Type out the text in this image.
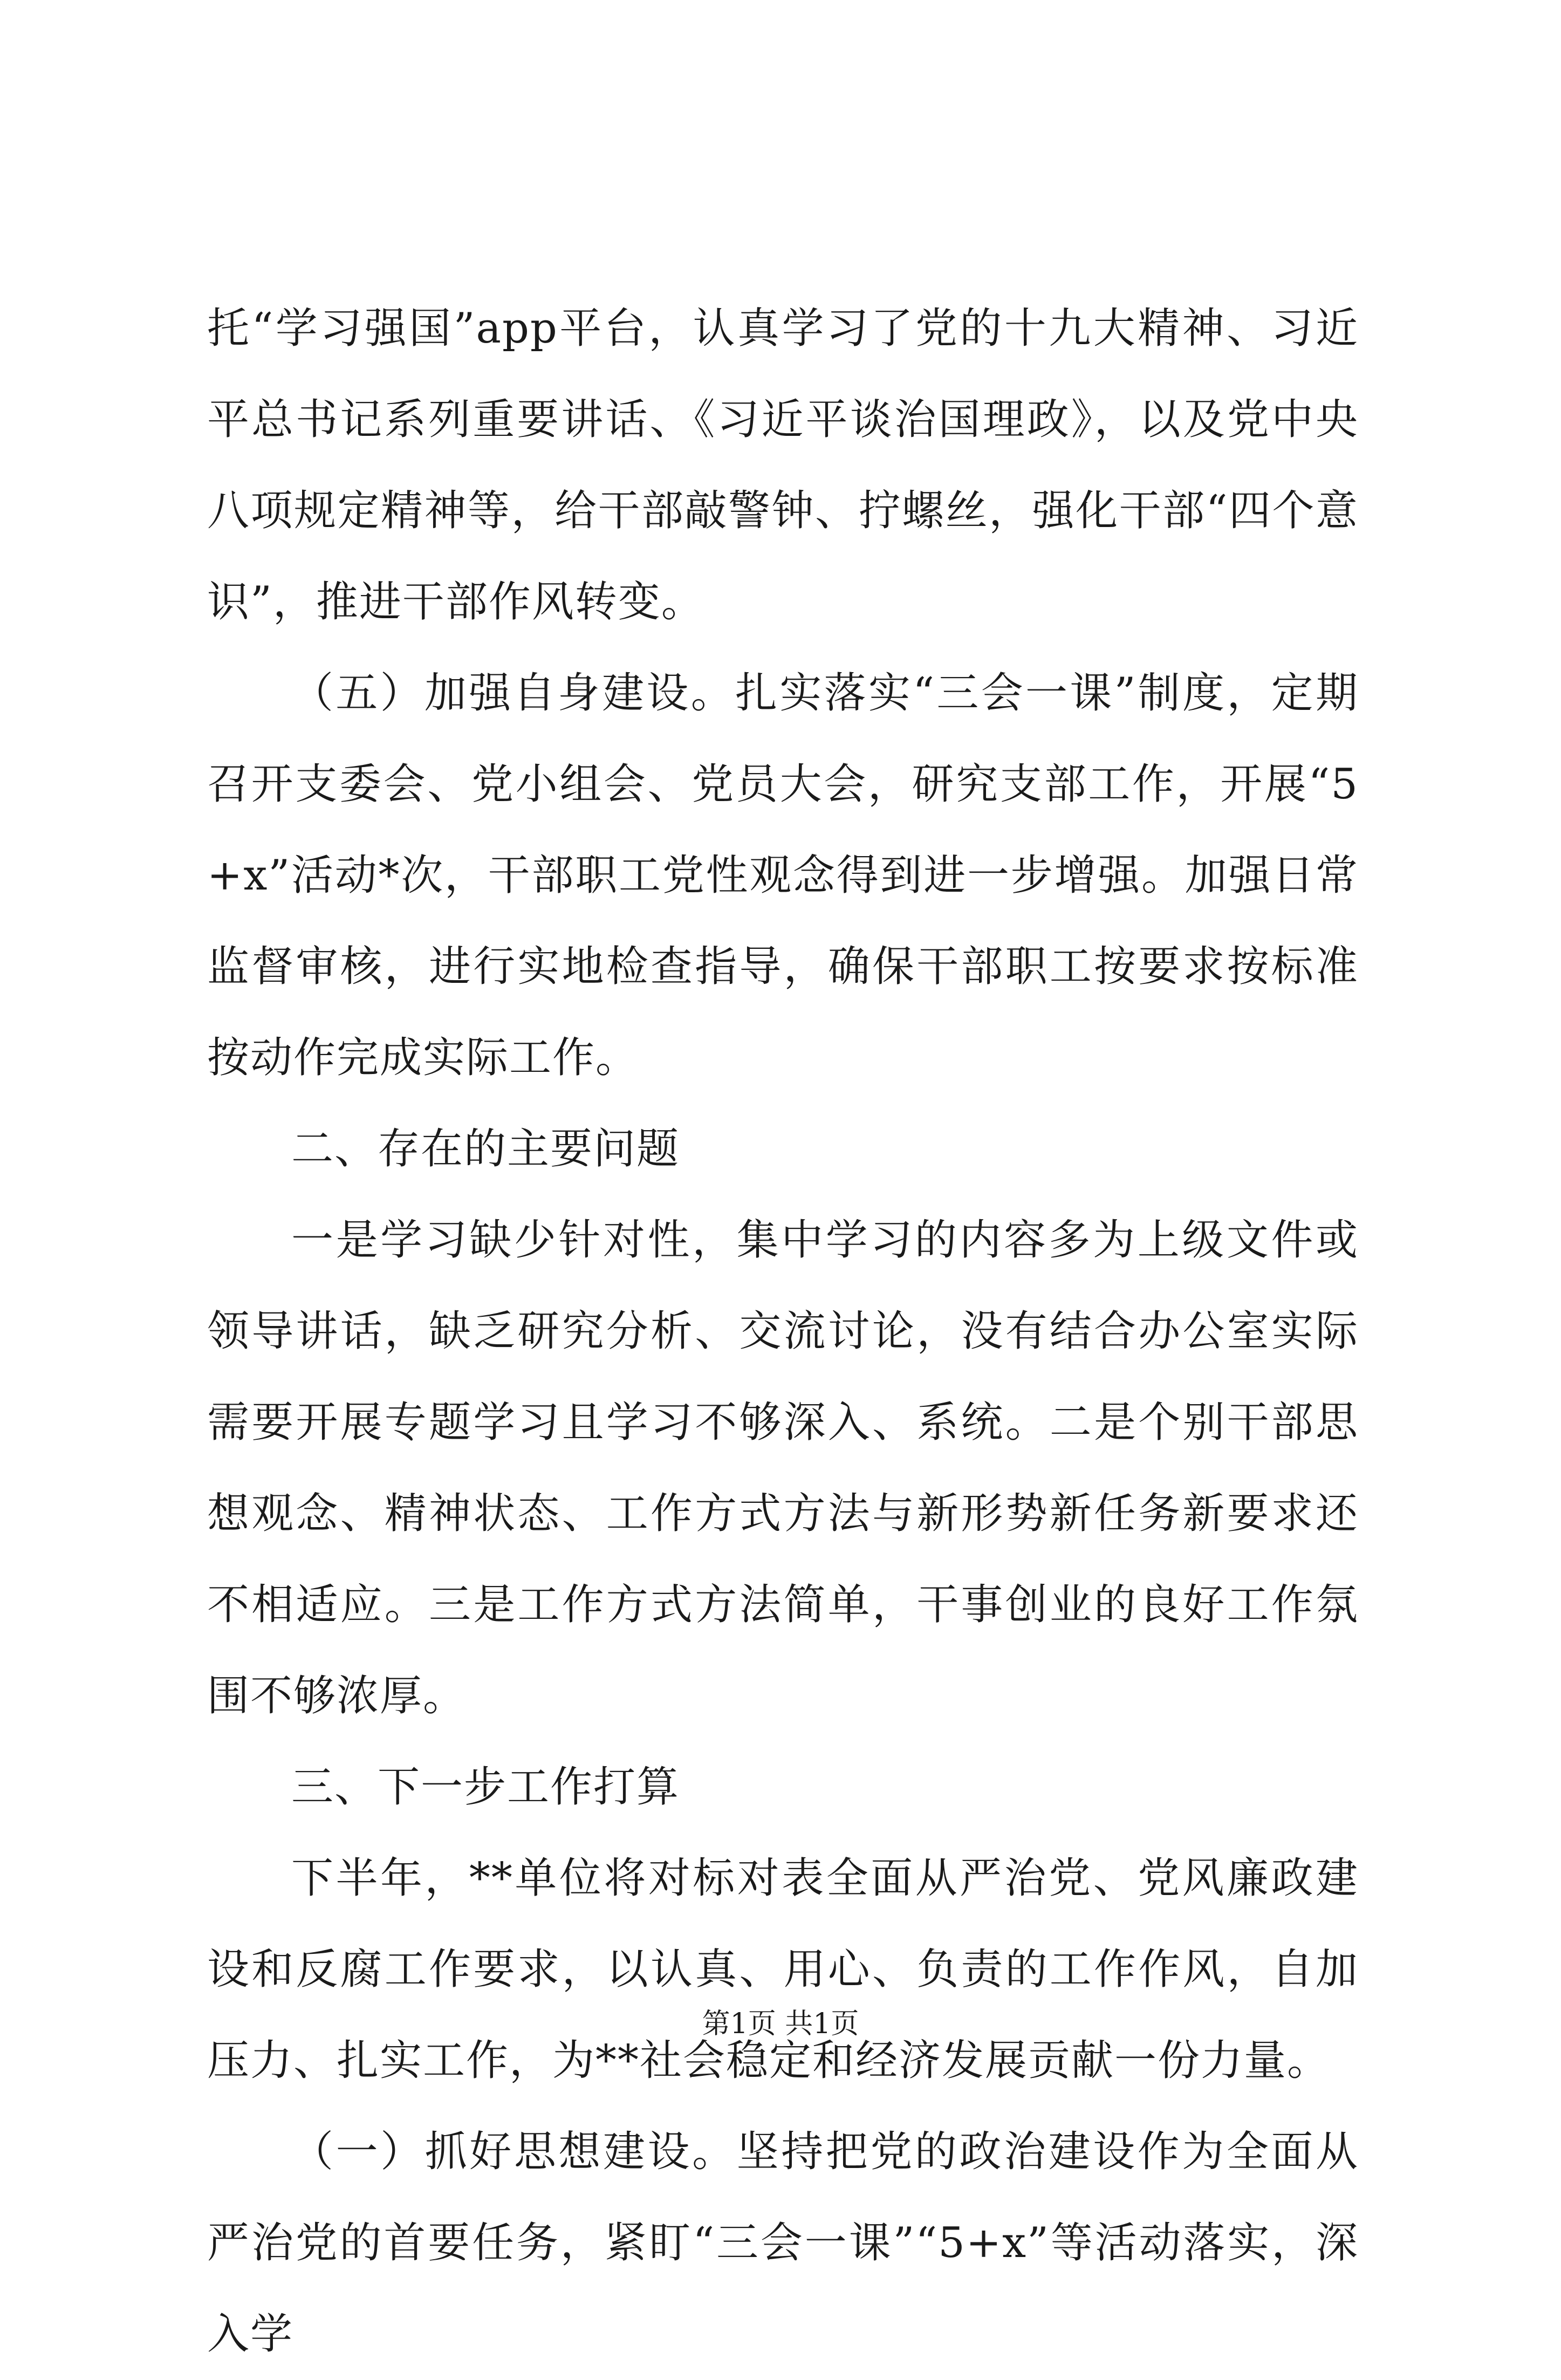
托“学习强国”app平台，认真学习了党的十九大精神、习近平总书记系列重要讲话、《习近平谈治国理政》，以及党中央八项规定精神等，给干部敲警钟、拧螺丝，强化干部“四个意识”，推进干部作风转变。

（五）加强自身建设。扎实落实“三会一课”制度，定期召开支委会、党小组会、党员大会，研究支部工作，开展“5+x”活动*次，干部职工党性观念得到进一步增强。加强日常监督审核，进行实地检查指导，确保干部职工按要求按标准按动作完成实际工作。

二、存在的主要问题

一是学习缺少针对性，集中学习的内容多为上级文件或领导讲话，缺乏研究分析、交流讨论，没有结合办公室实际需要开展专题学习且学习不够深入、系统。二是个别干部思想观念、精神状态、工作方式方法与新形势新任务新要求还不相适应。三是工作方式方法简单，干事创业的良好工作氛围不够浓厚。

三、下一步工作打算

下半年，**单位将对标对表全面从严治党、党风廉政建设和反腐工作要求，以认真、用心、负责的工作作风，自加压力、扎实工作，为**社会稳定和经济发展贡献一份力量。

（一）抓好思想建设。坚持把党的政治建设作为全面从严治党的首要任务，紧盯“三会一课”“5+x”等活动落实，深入学

第1页 共1页
